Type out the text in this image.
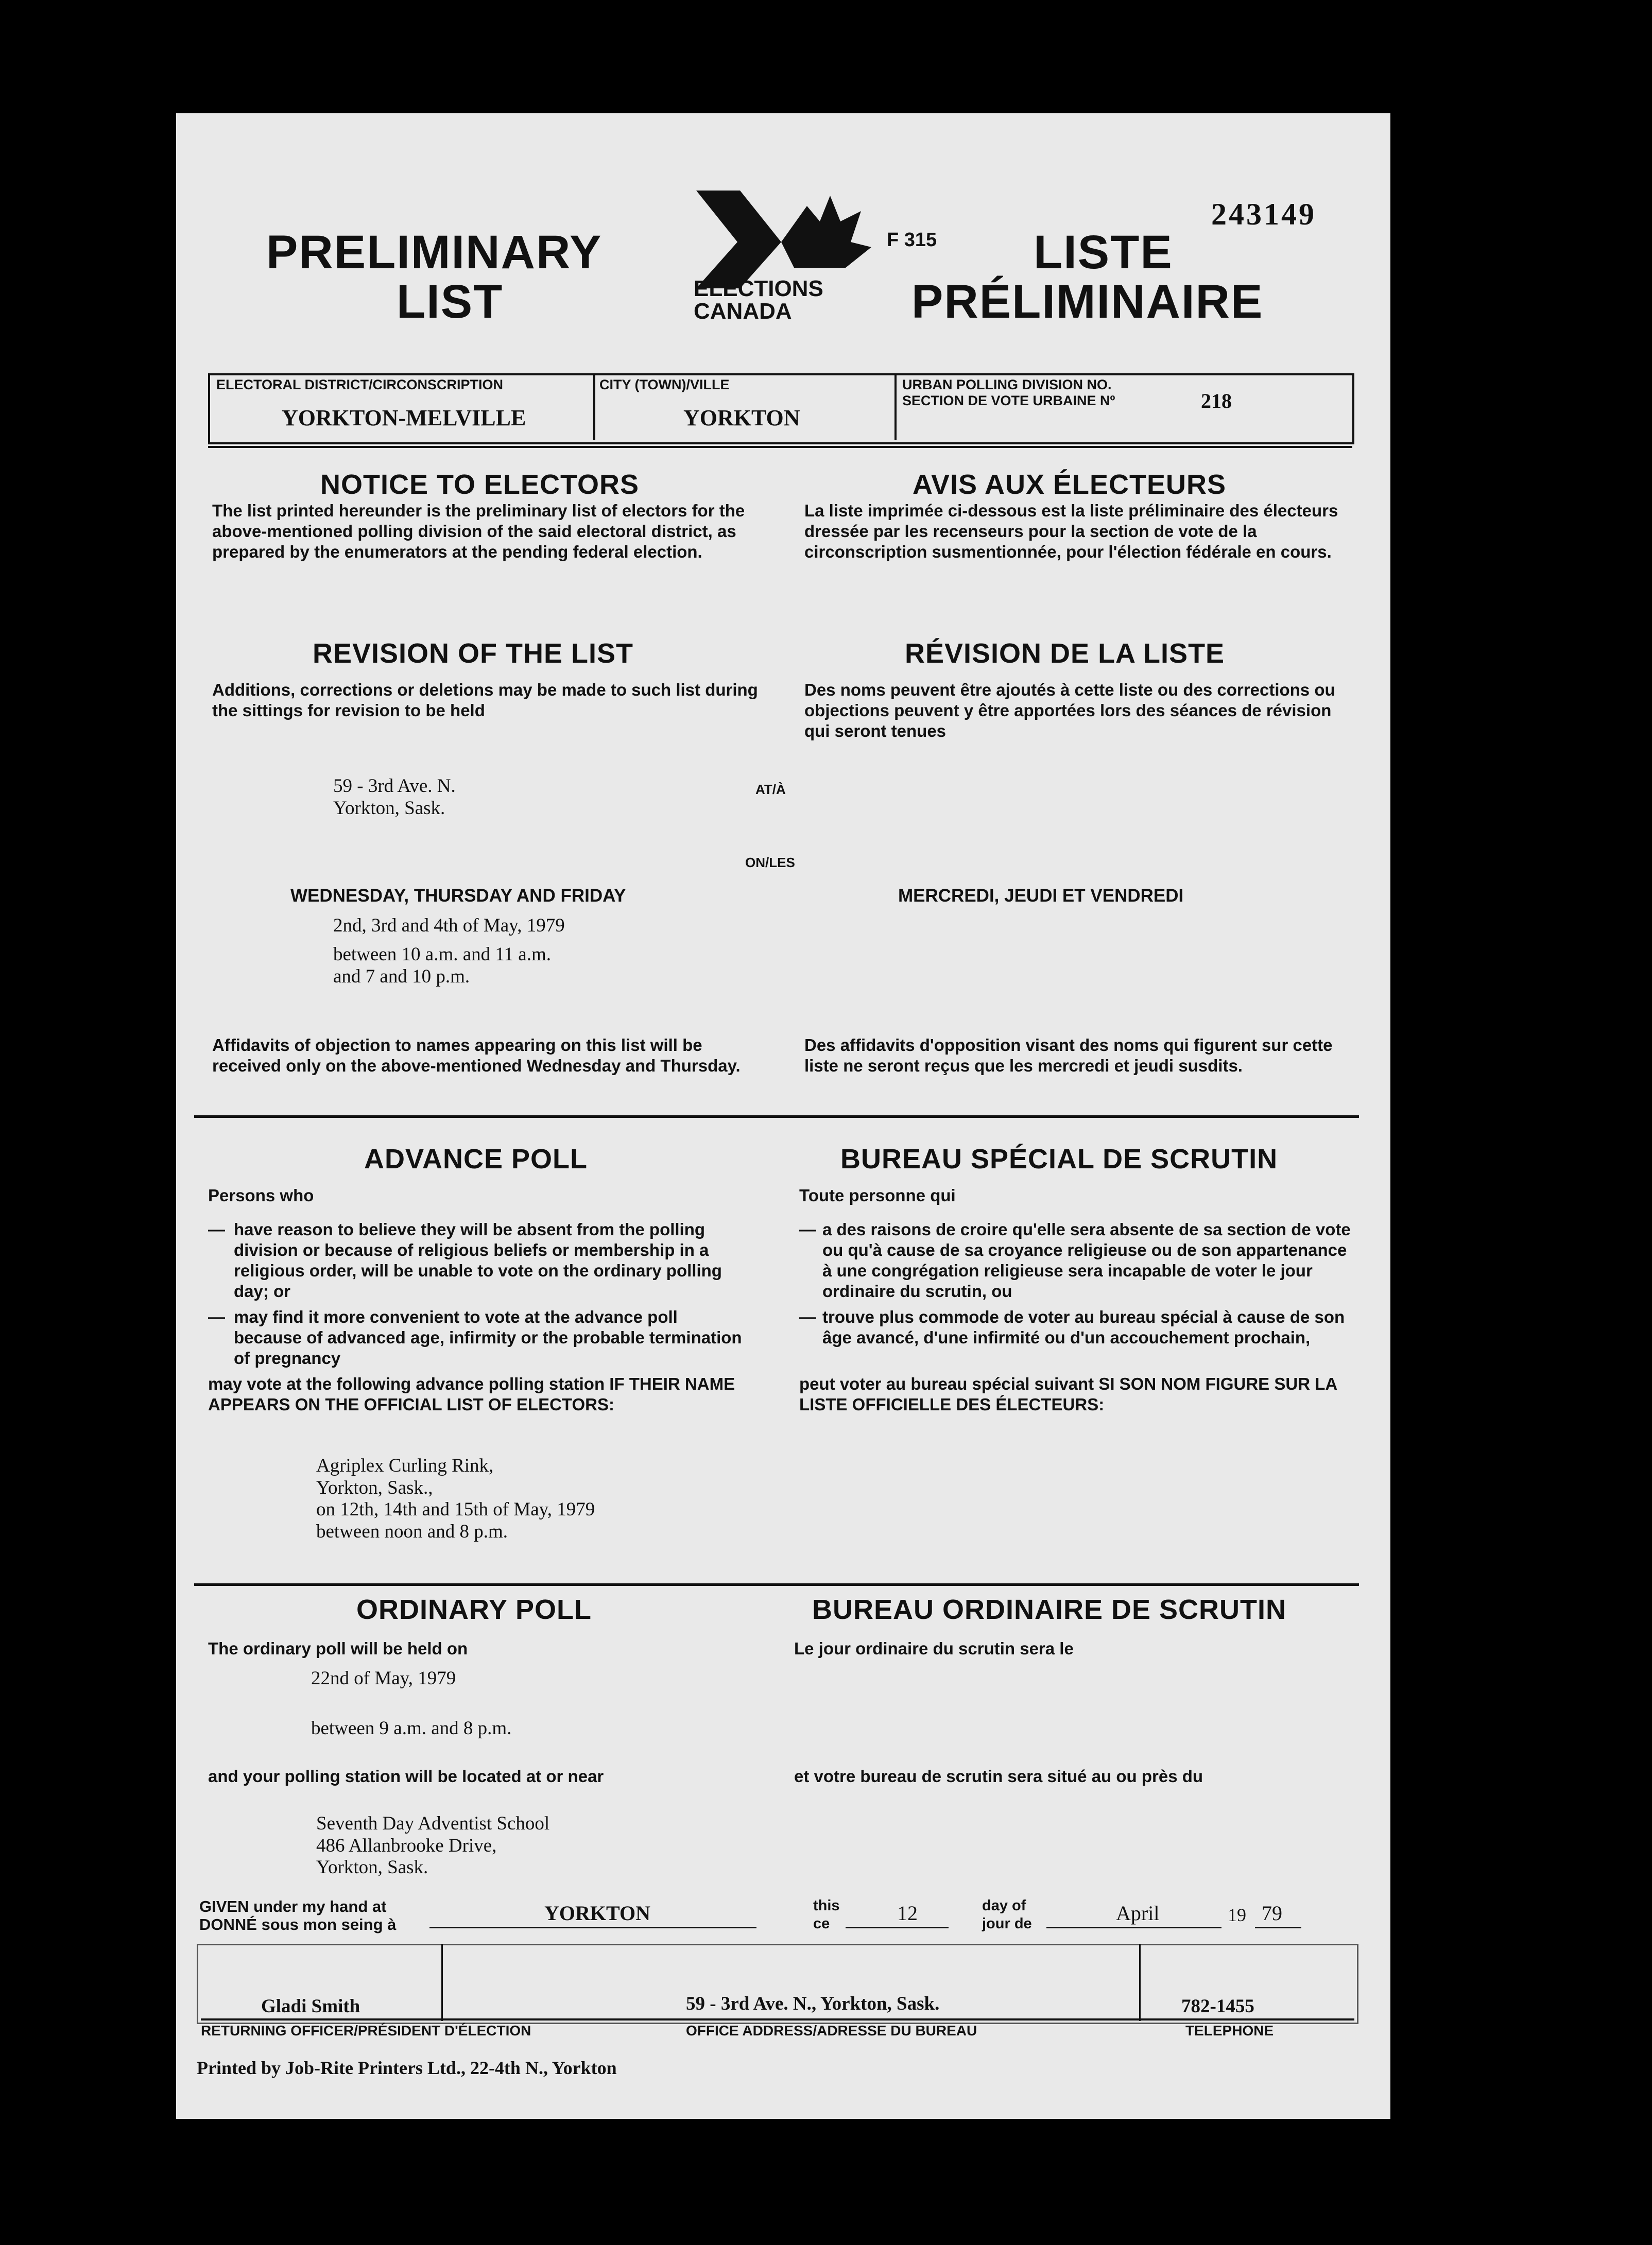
PRELIMINARY
LIST	ELECTIONS
CANADA
F 315 LISTE
PRÉLIMINAIRE
243149
ELECTORAL DISTRICT/CIRCONSCRIPTION
YORKTON-MELVILLE
CITY (TOWN)/VILLE
YORKTON
URBAN POLLING DIVISION NO.
SECTION DE VOTE URBAINE Nº	218
NOTICE TO ELECTORS
The list printed hereunder is the preliminary list of electors for the above-mentioned polling division of the said electoral district, as prepared by the enumerators at the pending federal election.
AVIS AUX ÉLECTEURS
La liste imprimée ci-dessous est la liste préliminaire des électeurs dressée par les recenseurs pour la section de vote de la circonscription susmentionnée, pour l'élection fédérale en cours.
REVISION OF THE LIST
Additions, corrections or deletions may be made to such list during the sittings for revision to be held
RÉVISION DE LA LISTE
Des noms peuvent être ajoutés à cette liste ou des corrections ou objections peuvent y être apportées lors des séances de révision qui seront tenues
59 - 3rd Ave. N.
Yorkton, Sask.
AT/À
ON/LES
WEDNESDAY, THURSDAY AND FRIDAY	MERCREDI, JEUDI ET VENDREDI
2nd, 3rd and 4th of May, 1979
between 10 a.m. and 11 a.m.
and 7 and 10 p.m.
Affidavits of objection to names appearing on this list will be received only on the above-mentioned Wednesday and Thursday.
Des affidavits d'opposition visant des noms qui figurent sur cette liste ne seront reçus que les mercredi et jeudi susdits.
ADVANCE POLL
Persons who
— have reason to believe they will be absent from the polling division or because of religious beliefs or membership in a religious order, will be unable to vote on the ordinary polling day; or
— may find it more convenient to vote at the advance poll because of advanced age, infirmity or the probable termination of pregnancy
may vote at the following advance polling station IF THEIR NAME APPEARS ON THE OFFICIAL LIST OF ELECTORS:
BUREAU SPÉCIAL DE SCRUTIN
Toute personne qui
— a des raisons de croire qu'elle sera absente de sa section de vote ou qu'à cause de sa croyance religieuse ou de son appartenance à une congrégation religieuse sera incapable de voter le jour ordinaire du scrutin, ou
— trouve plus commode de voter au bureau spécial à cause de son âge avancé, d'une infirmité ou d'un accouchement prochain,
peut voter au bureau spécial suivant SI SON NOM FIGURE SUR LA LISTE OFFICIELLE DES ÉLECTEURS:
Agriplex Curling Rink,
Yorkton, Sask.,
on 12th, 14th and 15th of May, 1979
between noon and 8 p.m.
ORDINARY POLL
The ordinary poll will be held on
BUREAU ORDINAIRE DE SCRUTIN
Le jour ordinaire du scrutin sera le
22nd of May, 1979
between 9 a.m. and 8 p.m.
and your polling station will be located at or near	et votre bureau de scrutin sera situé au ou près du
Seventh Day Adventist School
486 Allanbrooke Drive,
Yorkton, Sask.
GIVEN under my hand at
DONNÉ sous mon seing à	YORKTON	this
ce	12	day of
jour de	April	19 79
Gladi Smith
RETURNING OFFICER/PRÉSIDENT D'ÉLECTION
59 - 3rd Ave. N., Yorkton, Sask.
OFFICE ADDRESS/ADRESSE DU BUREAU
782-1455
TELEPHONE
Printed by Job-Rite Printers Ltd., 22-4th N., Yorkton
